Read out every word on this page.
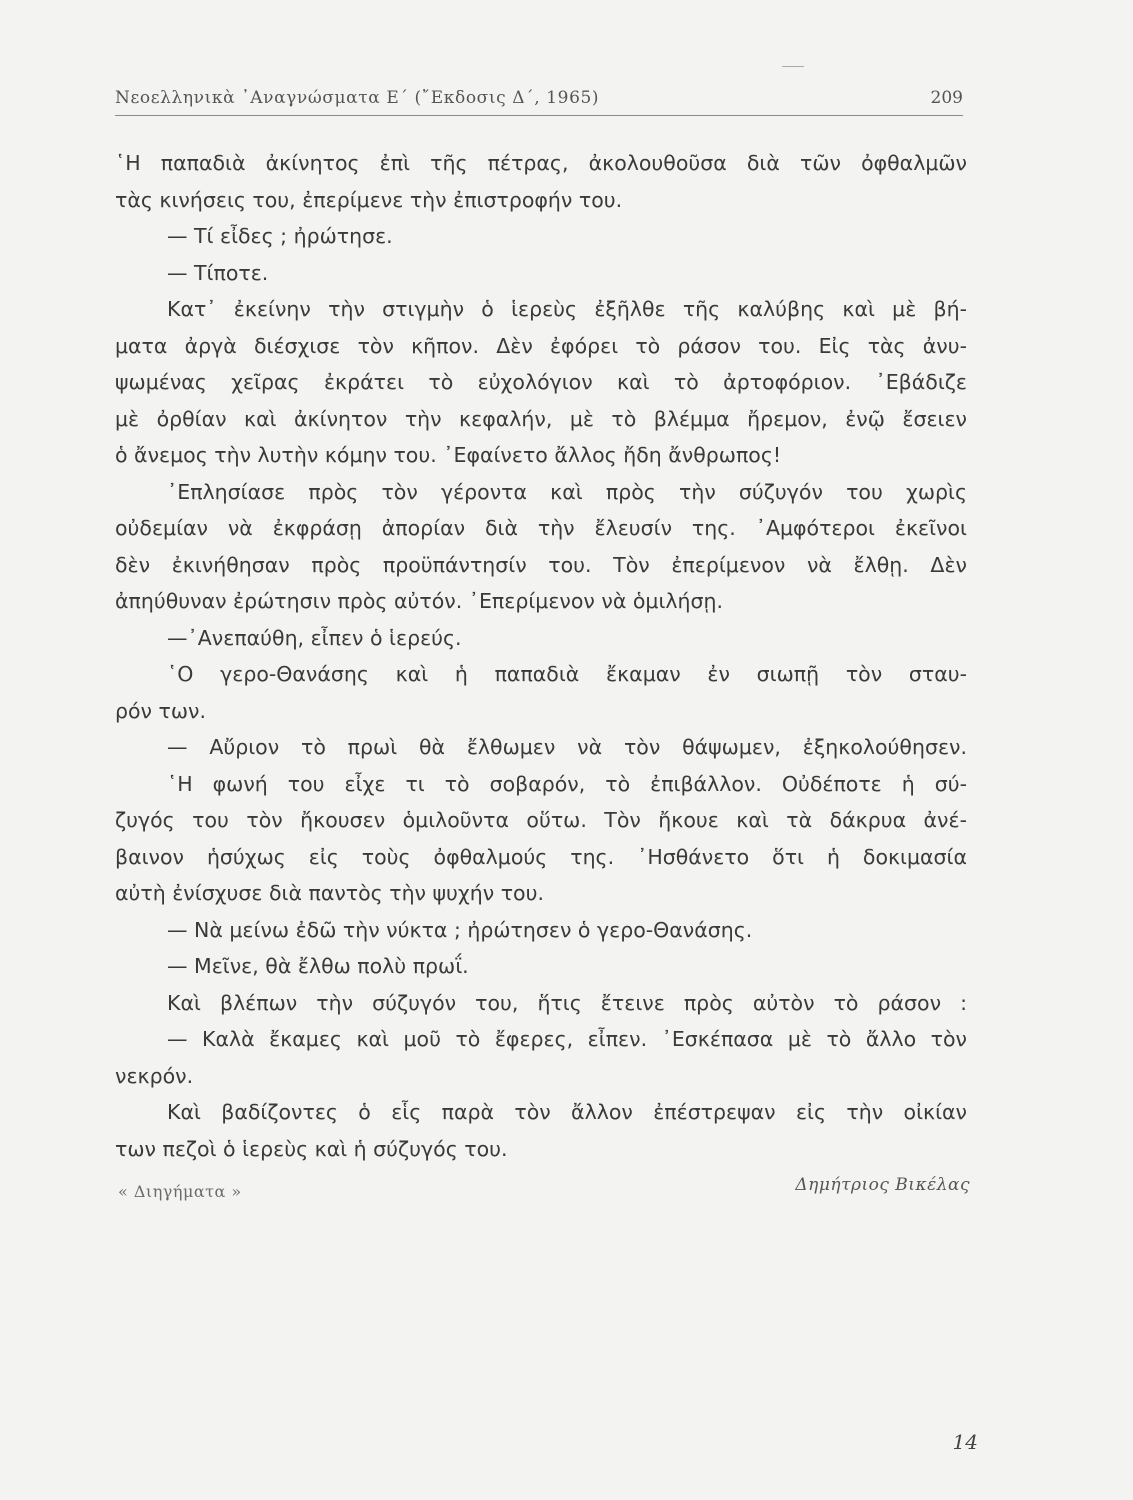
Νεοελληνικὰ ᾿Αναγνώσματα Ε΄ (῎Εκδοσις Δ΄, 1965)	209
῾Η παπαδιὰ ἀκίνητος ἐπὶ τῆς πέτρας, ἀκολουθοῦσα διὰ τῶν ὀφθαλμῶν
τὰς κινήσεις του, ἐπερίμενε τὴν ἐπιστροφήν του.
— Τί εἶδες ; ἠρώτησε.
— Τίποτε.
Κατ᾿ ἐκείνην τὴν στιγμὴν ὁ ἱερεὺς ἐξῆλθε τῆς καλύβης καὶ μὲ βή-
ματα ἀργὰ διέσχισε τὸν κῆπον. Δὲν ἐφόρει τὸ ράσον του. Εἰς τὰς ἀνυ-
ψωμένας χεῖρας ἐκράτει τὸ εὐχολόγιον καὶ τὸ ἀρτοφόριον. ᾿Εβάδιζε
μὲ ὀρθίαν καὶ ἀκίνητον τὴν κεφαλήν, μὲ τὸ βλέμμα ἤρεμον, ἐνῷ ἔσειεν
ὁ ἄνεμος τὴν λυτὴν κόμην του. ᾿Εφαίνετο ἄλλος ἤδη ἄνθρωπος!
᾿Επλησίασε πρὸς τὸν γέροντα καὶ πρὸς τὴν σύζυγόν του χωρὶς
οὐδεμίαν νὰ ἐκφράσῃ ἀπορίαν διὰ τὴν ἔλευσίν της. ᾿Αμφότεροι ἐκεῖνοι
δὲν ἐκινήθησαν πρὸς προϋπάντησίν του. Τὸν ἐπερίμενον νὰ ἔλθῃ. Δὲν
ἀπηύθυναν ἐρώτησιν πρὸς αὐτόν. ᾿Επερίμενον νὰ ὁμιλήσῃ.
—᾿Ανεπαύθη, εἶπεν ὁ ἱερεύς.
῾Ο γερο-Θανάσης καὶ ἡ παπαδιὰ ἔκαμαν ἐν σιωπῇ τὸν σταυ-
ρόν των.
— Αὔριον τὸ πρωὶ θὰ ἔλθωμεν νὰ τὸν θάψωμεν, ἐξηκολούθησεν.
῾Η φωνή του εἶχε τι τὸ σοβαρόν, τὸ ἐπιβάλλον. Οὐδέποτε ἡ σύ-
ζυγός του τὸν ἤκουσεν ὁμιλοῦντα οὕτω. Τὸν ἤκουε καὶ τὰ δάκρυα ἀνέ-
βαινον ἡσύχως εἰς τοὺς ὀφθαλμούς της. ᾿Ησθάνετο ὅτι ἡ δοκιμασία
αὐτὴ ἐνίσχυσε διὰ παντὸς τὴν ψυχήν του.
— Νὰ μείνω ἐδῶ τὴν νύκτα ; ἠρώτησεν ὁ γερο-Θανάσης.
— Μεῖνε, θὰ ἔλθω πολὺ πρωΐ.
Καὶ βλέπων τὴν σύζυγόν του, ἥτις ἔτεινε πρὸς αὐτὸν τὸ ράσον :
— Καλὰ ἔκαμες καὶ μοῦ τὸ ἔφερες, εἶπεν. ᾿Εσκέπασα μὲ τὸ ἄλλο τὸν
νεκρόν.
Καὶ βαδίζοντες ὁ εἷς παρὰ τὸν ἄλλον ἐπέστρεψαν εἰς τὴν οἰκίαν
των πεζοὶ ὁ ἱερεὺς καὶ ἡ σύζυγός του.
« Διηγήματα »	Δημήτριος Βικέλας
14
